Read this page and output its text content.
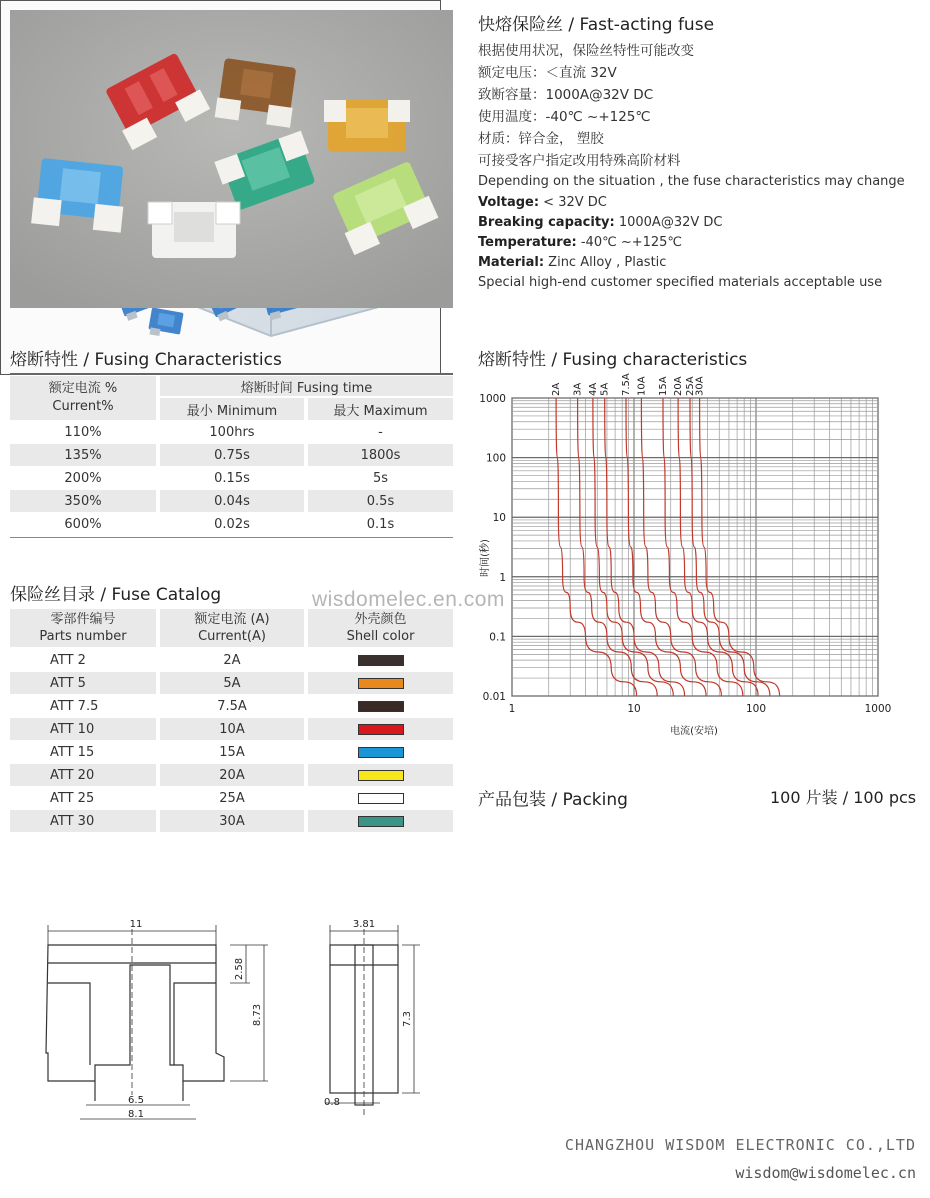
快熔保险丝 / Fast-acting fuse
根据使用状况，保险丝特性可能改变
额定电压：＜直流 32V
致断容量：1000A@32V DC
使用温度：-40℃ ~+125℃
材质：锌合金， 塑胶
可接受客户指定改用特殊高阶材料
Depending on the situation , the fuse characteristics may change
Voltage: < 32V DC
Breaking capacity: 1000A@32V DC
Temperature: -40℃ ~+125℃
Material: Zinc Alloy , Plastic
Special high-end customer specified materials acceptable use
熔断特性 / Fusing Characteristics
额定电流 %
Current%
熔断时间 Fusing time
最小 Minimum	最大 Maximum
110%	100hrs	-
135%	0.75s	1800s
200%	0.15s	5s
350%	0.04s	0.5s
600%	0.02s	0.1s
保险丝目录 / Fuse Catalog
零部件编号
Parts number
额定电流 (A)
Current(A)
外壳颜色
Shell color
ATT 2	2A
ATT 5	5A
ATT 7.5	7.5A
ATT 10	10A
ATT 15	15A
ATT 20	20A
ATT 25	25A
ATT 30	30A
熔断特性 / Fusing characteristics
1	10	100	1000
1000
100
10
1
0.1
0.01
2A 3A 4A 5A 7.5A 10A 15A 20A 25A
30A
电流(安培)
时间(秒)
wisdomelec.en.com
11
2.58
8.73
6.5
8.1
3.81
7.3
0.8
产品包装 / Packing	100 片装 / 100 pcs
CHANGZHOU WISDOM ELECTRONIC CO.,LTD
wisdom@wisdomelec.cn
